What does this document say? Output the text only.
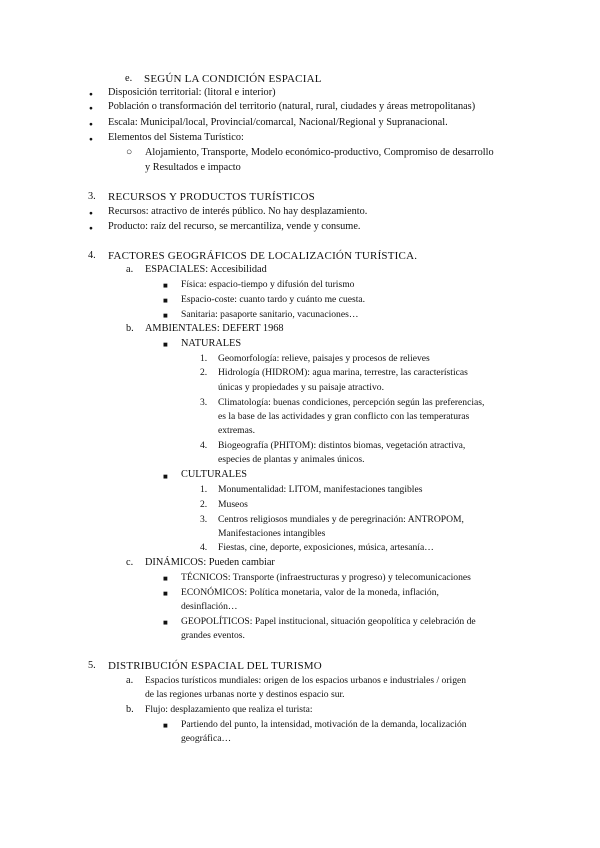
e. SEGÚN LA CONDICIÓN ESPACIAL
● Disposición territorial: (litoral e interior)
● Población o transformación del territorio (natural, rural, ciudades y áreas metropolitanas)
● Escala: Municipal/local, Provincial/comarcal, Nacional/Regional y Supranacional.
● Elementos del Sistema Turístico:
○ Alojamiento, Transporte, Modelo económico-productivo, Compromiso de desarrollo
y Resultados e impacto
3. RECURSOS Y PRODUCTOS TURÍSTICOS
● Recursos: atractivo de interés público. No hay desplazamiento.
● Producto: raíz del recurso, se mercantiliza, vende y consume.
4. FACTORES GEOGRÁFICOS DE LOCALIZACIÓN TURÍSTICA.
a. ESPACIALES: Accesibilidad
■ Física: espacio-tiempo y difusión del turismo
■ Espacio-coste: cuanto tardo y cuánto me cuesta.
■ Sanitaria: pasaporte sanitario, vacunaciones…
b. AMBIENTALES: DEFERT 1968
■ NATURALES
1. Geomorfología: relieve, paisajes y procesos de relieves
2. Hidrología (HIDROM): agua marina, terrestre, las características
únicas y propiedades y su paisaje atractivo.
3. Climatología: buenas condiciones, percepción según las preferencias,
es la base de las actividades y gran conflicto con las temperaturas
extremas.
4. Biogeografía (PHITOM): distintos biomas, vegetación atractiva,
especies de plantas y animales únicos.
■ CULTURALES
1. Monumentalidad: LITOM, manifestaciones tangibles
2. Museos
3. Centros religiosos mundiales y de peregrinación: ANTROPOM,
Manifestaciones intangibles
4. Fiestas, cine, deporte, exposiciones, música, artesanía…
c. DINÁMICOS: Pueden cambiar
■ TÉCNICOS: Transporte (infraestructuras y progreso) y telecomunicaciones
■ ECONÓMICOS: Política monetaria, valor de la moneda, inflación,
desinflación…
■ GEOPOLÍTICOS: Papel institucional, situación geopolítica y celebración de
grandes eventos.
5. DISTRIBUCIÓN ESPACIAL DEL TURISMO
a. Espacios turísticos mundiales: origen de los espacios urbanos e industriales / origen
de las regiones urbanas norte y destinos espacio sur.
b. Flujo: desplazamiento que realiza el turista:
■ Partiendo del punto, la intensidad, motivación de la demanda, localización
geográfica…
